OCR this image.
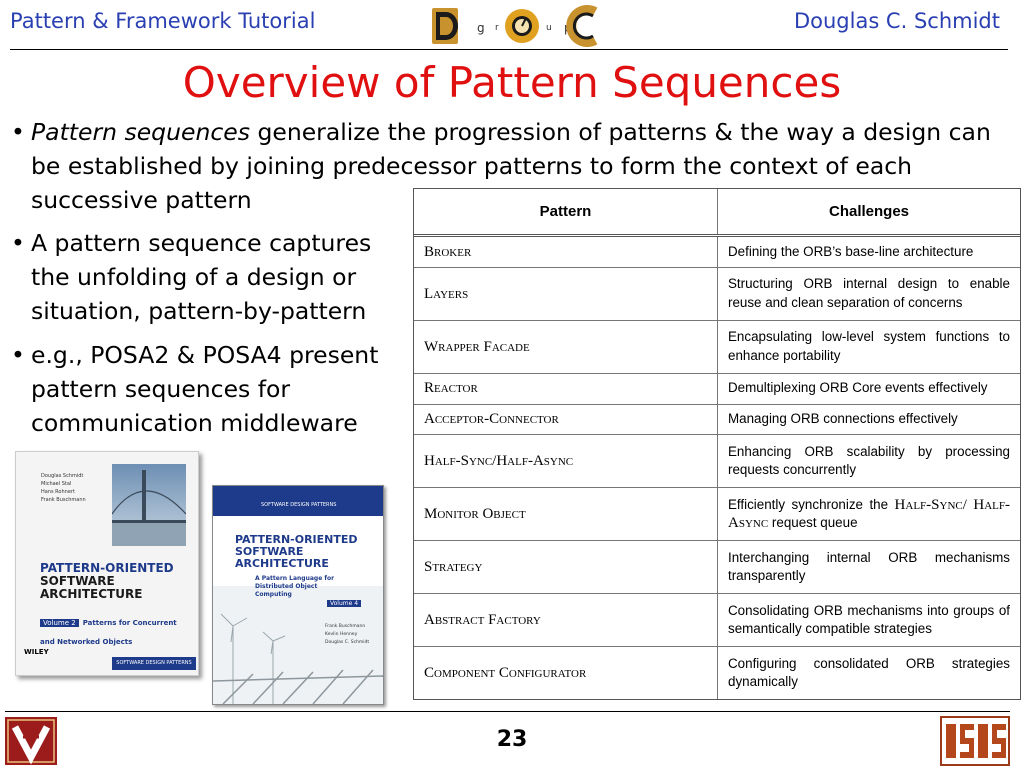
Pattern & Framework Tutorial	g r	u p	Douglas C. Schmidt
Overview of Pattern Sequences
• Pattern sequences generalize the progression of patterns & the way a design can be established by joining predecessor patterns to form the context of each successive pattern
• A pattern sequence captures the unfolding of a design or situation, pattern-by-pattern
• e.g., POSA2 & POSA4 present pattern sequences for communication middleware
Pattern	Challenges
Broker	Defining the ORB’s base-line architecture
Layers	Structuring ORB internal design to enable reuse and clean separation of concerns
Wrapper Facade	Encapsulating low-level system functions to enhance portability
Reactor	Demultiplexing ORB Core events effectively
Acceptor-Connector	Managing ORB connections effectively
Half-Sync/Half-Async	Enhancing ORB scalability by processing requests concurrently
Monitor Object	Efficiently synchronize the Half-Sync/ Half-Async request queue
Strategy	Interchanging internal ORB mechanisms transparently
Abstract Factory	Consolidating ORB mechanisms into groups of semantically compatible strategies
Component Configurator	Configuring consolidated ORB strategies dynamically
Douglas Schmidt
Michael Stal
Hans Rohnert
Frank Buschmann
PATTERN-ORIENTED
SOFTWARE
ARCHITECTURE
Volume 2 Patterns for Concurrent and Networked Objects
WILEY
SOFTWARE DESIGN PATTERNS
SOFTWARE DESIGN PATTERNS
PATTERN-ORIENTED
SOFTWARE
ARCHITECTURE
A Pattern Language for Distributed Object Computing
Volume 4
Frank Buschmann
Kevlin Henney
Douglas C. Schmidt
23
